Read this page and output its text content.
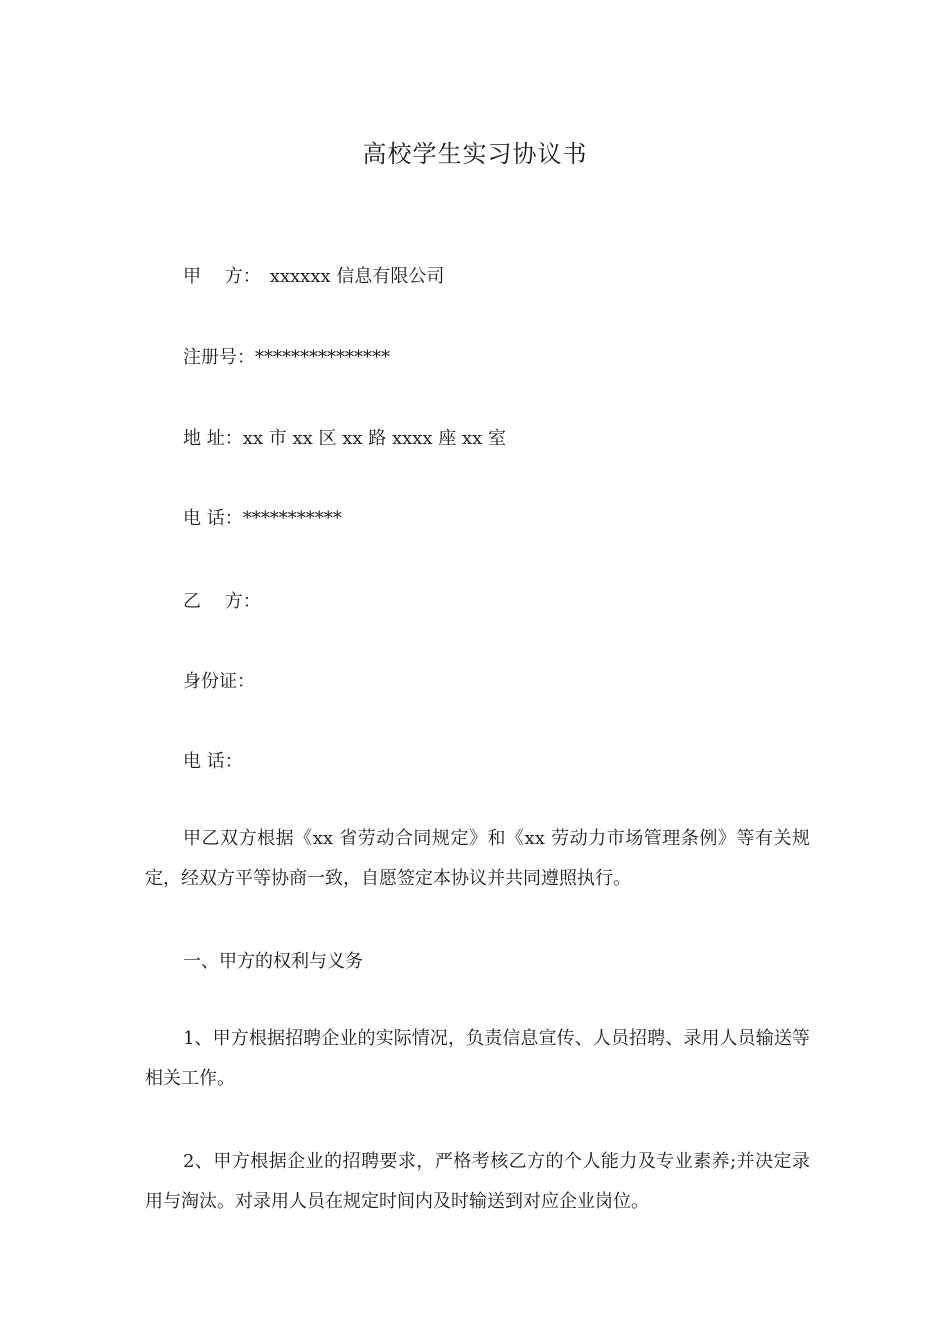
高校学生实习协议书
甲　 方：　xxxxxx 信息有限公司
注册号：***************
地 址：xx 市 xx 区 xx 路 xxxx 座 xx 室
电 话：***********
乙　 方：
身份证：
电 话：
甲乙双方根据《xx 省劳动合同规定》和《xx 劳动力市场管理条例》等有关规定，经双方平等协商一致，自愿签定本协议并共同遵照执行。
一、甲方的权利与义务
1、甲方根据招聘企业的实际情况，负责信息宣传、人员招聘、录用人员输送等相关工作。
2、甲方根据企业的招聘要求，严格考核乙方的个人能力及专业素养;并决定录用与淘汰。对录用人员在规定时间内及时输送到对应企业岗位。
